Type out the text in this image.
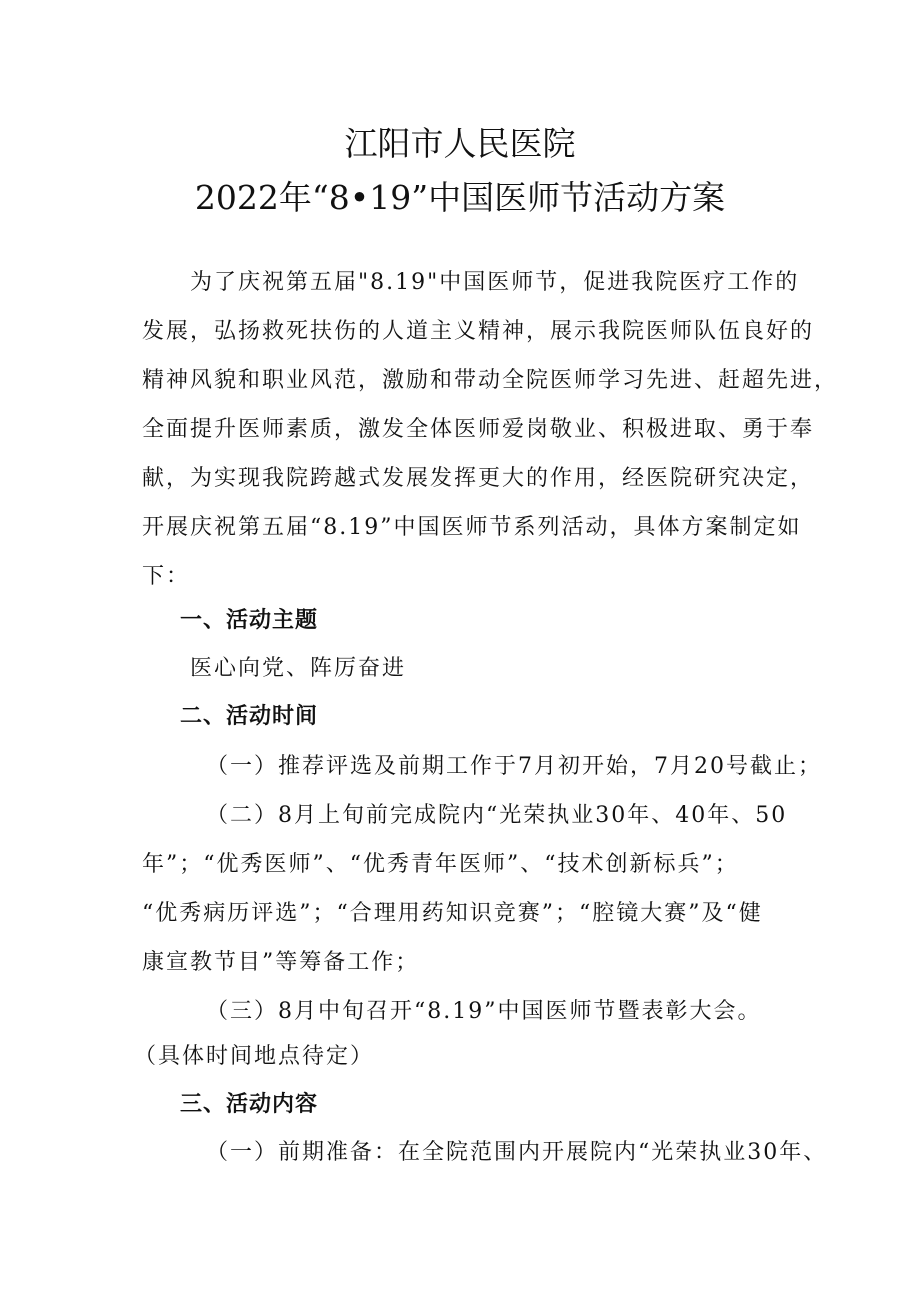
江阳市人民医院
2022年“8•19”中国医师节活动方案
为了庆祝第五届"8.19"中国医师节，促进我院医疗工作的
发展，弘扬救死扶伤的人道主义精神，展示我院医师队伍良好的
精神风貌和职业风范，激励和带动全院医师学习先进、赶超先进，
全面提升医师素质，激发全体医师爱岗敬业、积极进取、勇于奉
献，为实现我院跨越式发展发挥更大的作用，经医院研究决定，
开展庆祝第五届“8.19”中国医师节系列活动，具体方案制定如
下：
一、活动主题
医心向党、阵厉奋进
二、活动时间
（一）推荐评选及前期工作于7月初开始，7月20号截止；
（二）8月上旬前完成院内“光荣执业30年、40年、50
年”；“优秀医师”、“优秀青年医师”、“技术创新标兵”；
“优秀病历评选”；“合理用药知识竞赛”；“腔镜大赛”及“健
康宣教节目”等筹备工作；
（三）8月中旬召开“8.19”中国医师节暨表彰大会。
（具体时间地点待定）
三、活动内容
（一）前期准备：在全院范围内开展院内“光荣执业30年、
